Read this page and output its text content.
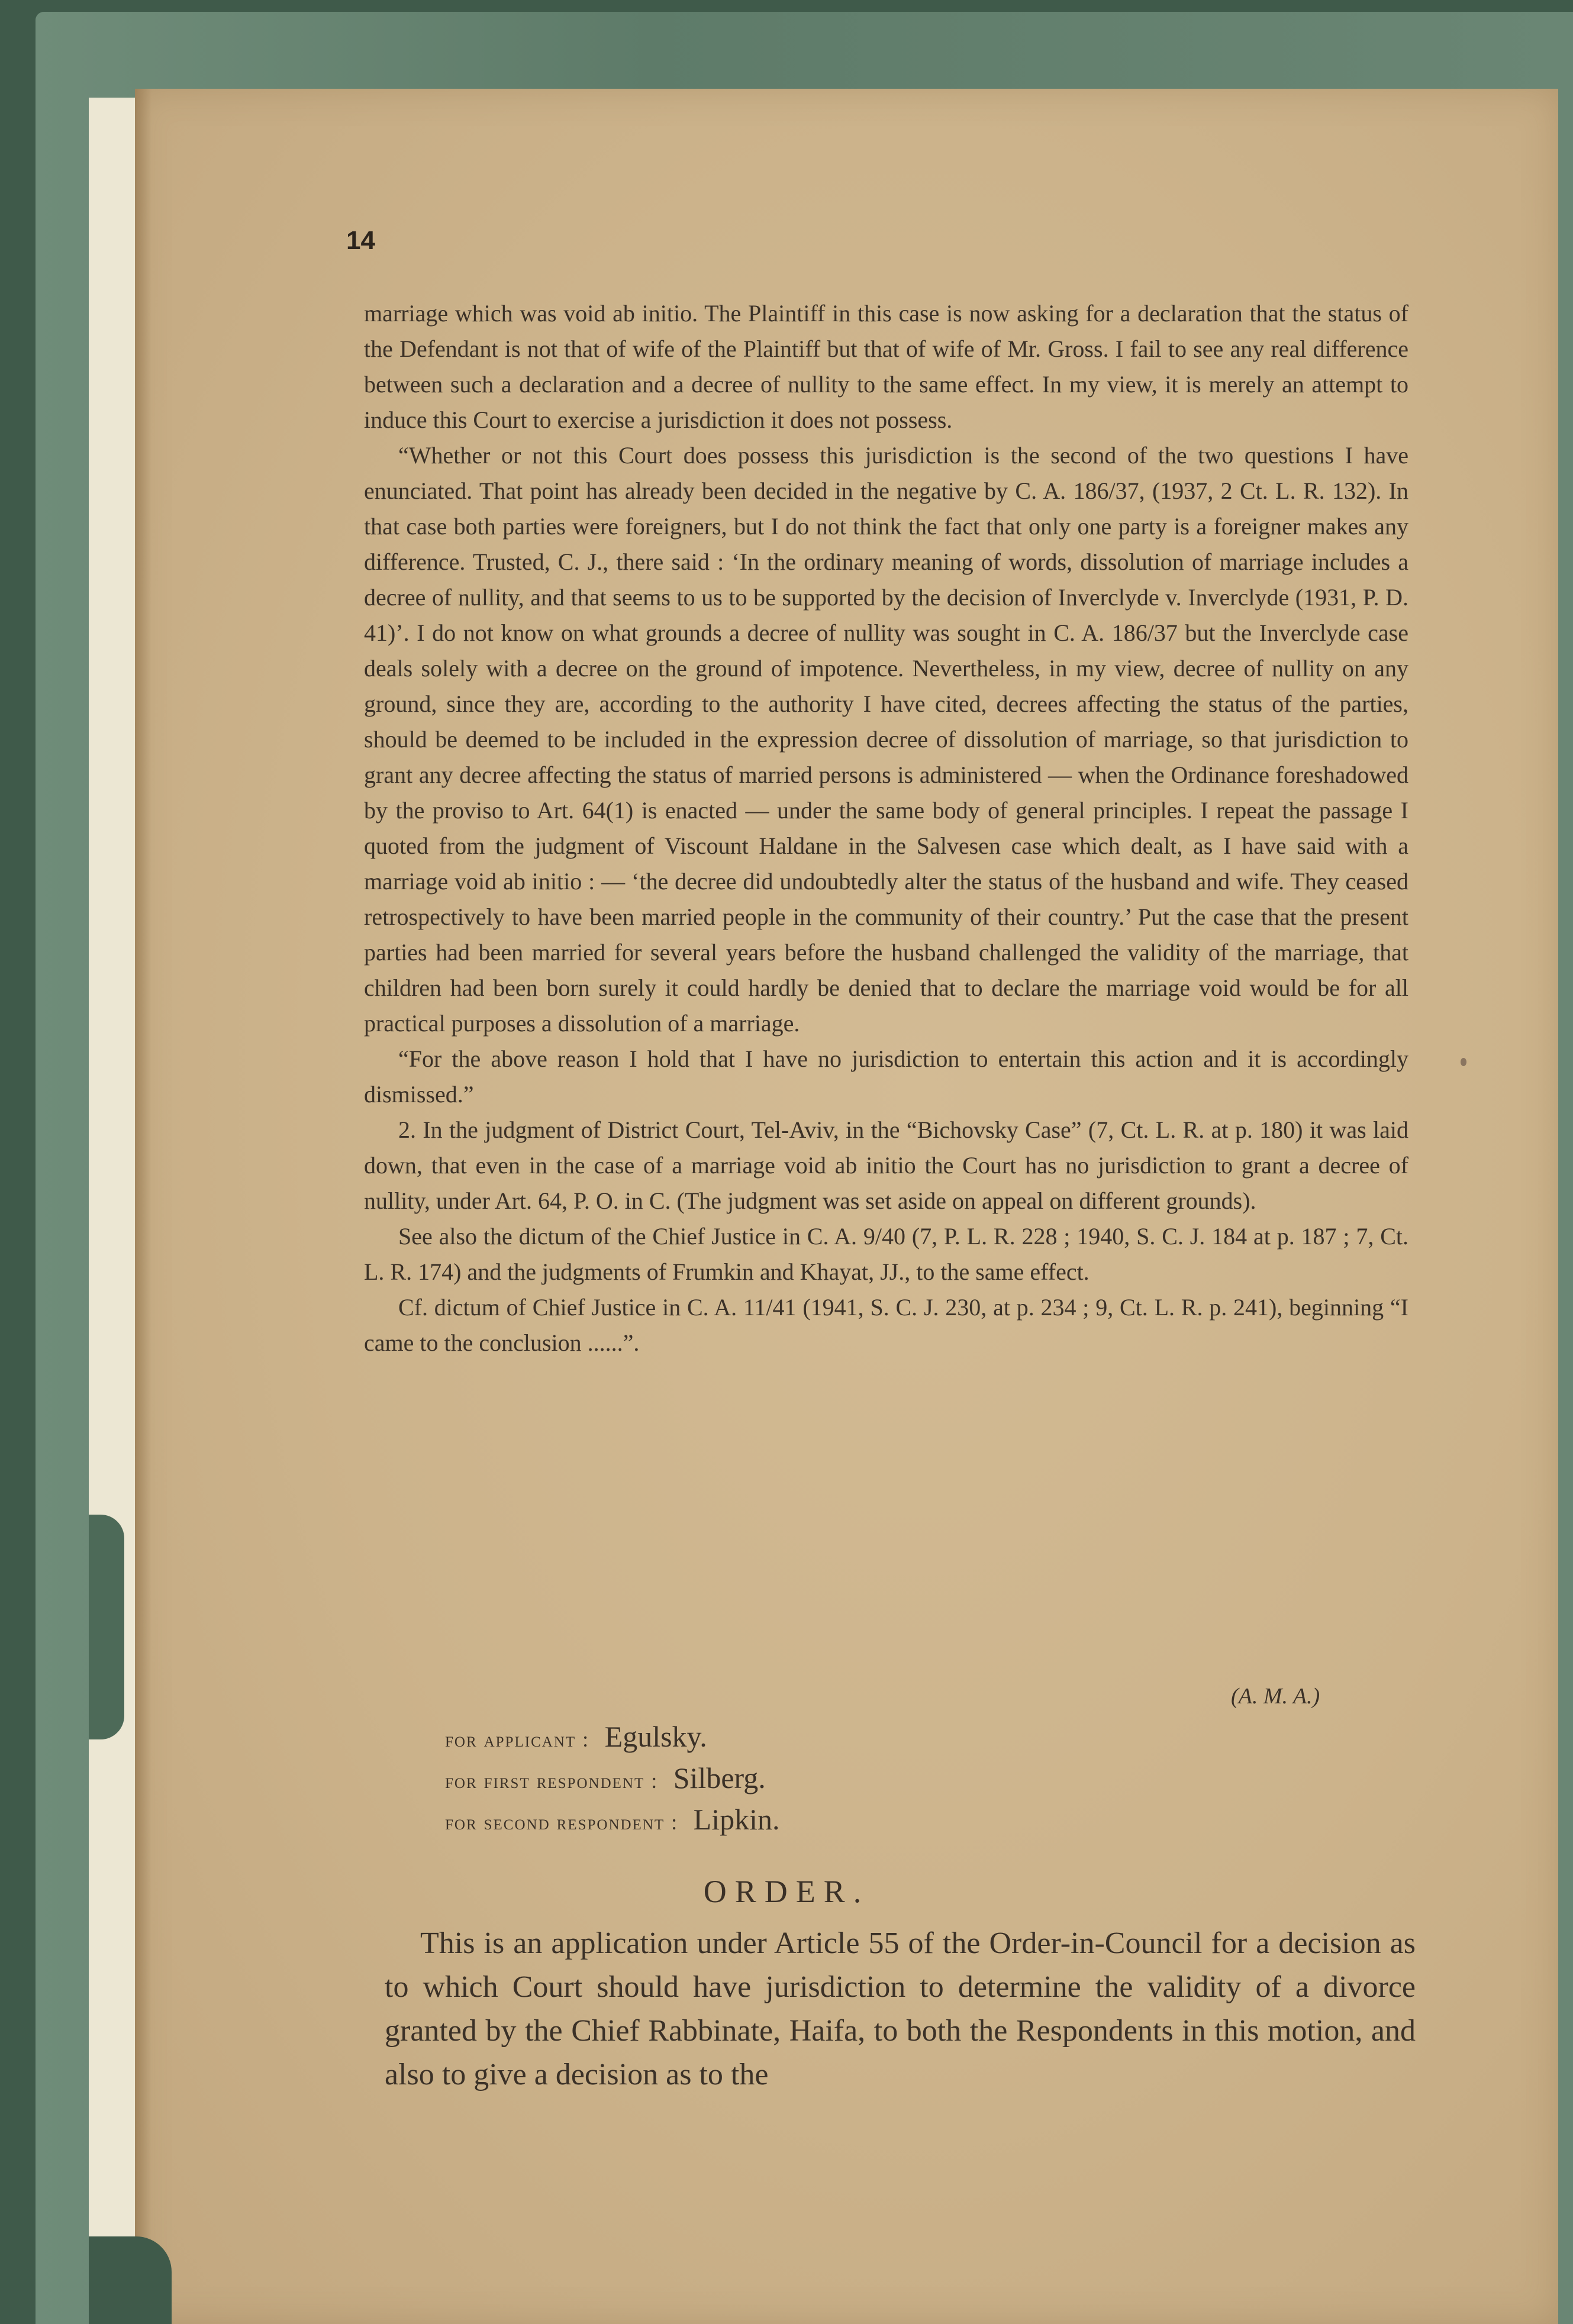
14

marriage which was void ab initio. The Plaintiff in this case is now asking for a declaration that the status of the Defendant is not that of wife of the Plaintiff but that of wife of Mr. Gross. I fail to see any real difference between such a declaration and a decree of nullity to the same effect. In my view, it is merely an attempt to induce this Court to exercise a jurisdiction it does not possess.

“Whether or not this Court does possess this jurisdiction is the second of the two questions I have enunciated. That point has already been decided in the negative by C. A. 186/37, (1937, 2 Ct. L. R. 132). In that case both parties were foreigners, but I do not think the fact that only one party is a foreigner makes any difference. Trusted, C. J., there said : ‘In the ordinary meaning of words, dissolution of marriage includes a decree of nullity, and that seems to us to be supported by the decision of Inverclyde v. Inverclyde (1931, P. D. 41)’. I do not know on what grounds a decree of nullity was sought in C. A. 186/37 but the Inverclyde case deals solely with a decree on the ground of impotence. Nevertheless, in my view, decree of nullity on any ground, since they are, according to the authority I have cited, decrees affecting the status of the parties, should be deemed to be included in the expression decree of dissolution of marriage, so that jurisdiction to grant any decree affecting the status of married persons is administered — when the Ordinance foreshadowed by the proviso to Art. 64(1) is enacted — under the same body of general principles. I repeat the passage I quoted from the judgment of Viscount Haldane in the Salvesen case which dealt, as I have said with a marriage void ab initio : — ‘the decree did undoubtedly alter the status of the husband and wife. They ceased retrospectively to have been married people in the community of their country.’ Put the case that the present parties had been married for several years before the husband challenged the validity of the marriage, that children had been born surely it could hardly be denied that to declare the marriage void would be for all practical purposes a dissolution of a marriage.

“For the above reason I hold that I have no jurisdiction to entertain this action and it is accordingly dismissed.”

2. In the judgment of District Court, Tel-Aviv, in the “Bichovsky Case” (7, Ct. L. R. at p. 180) it was laid down, that even in the case of a marriage void ab initio the Court has no jurisdiction to grant a decree of nullity, under Art. 64, P. O. in C. (The judgment was set aside on appeal on different grounds).

See also the dictum of the Chief Justice in C. A. 9/40 (7, P. L. R. 228 ; 1940, S. C. J. 184 at p. 187 ; 7, Ct. L. R. 174) and the judgments of Frumkin and Khayat, JJ., to the same effect.

Cf. dictum of Chief Justice in C. A. 11/41 (1941, S. C. J. 230, at p. 234 ; 9, Ct. L. R. p. 241), beginning “I came to the conclusion ......”.

(A. M. A.)
for applicant : Egulsky.
for first respondent : Silberg.
for second respondent : Lipkin.
ORDER.

This is an application under Article 55 of the Order-in-Council for a decision as to which Court should have jurisdiction to determine the validity of a divorce granted by the Chief Rabbinate, Haifa, to both the Respondents in this motion, and also to give a decision as to the
